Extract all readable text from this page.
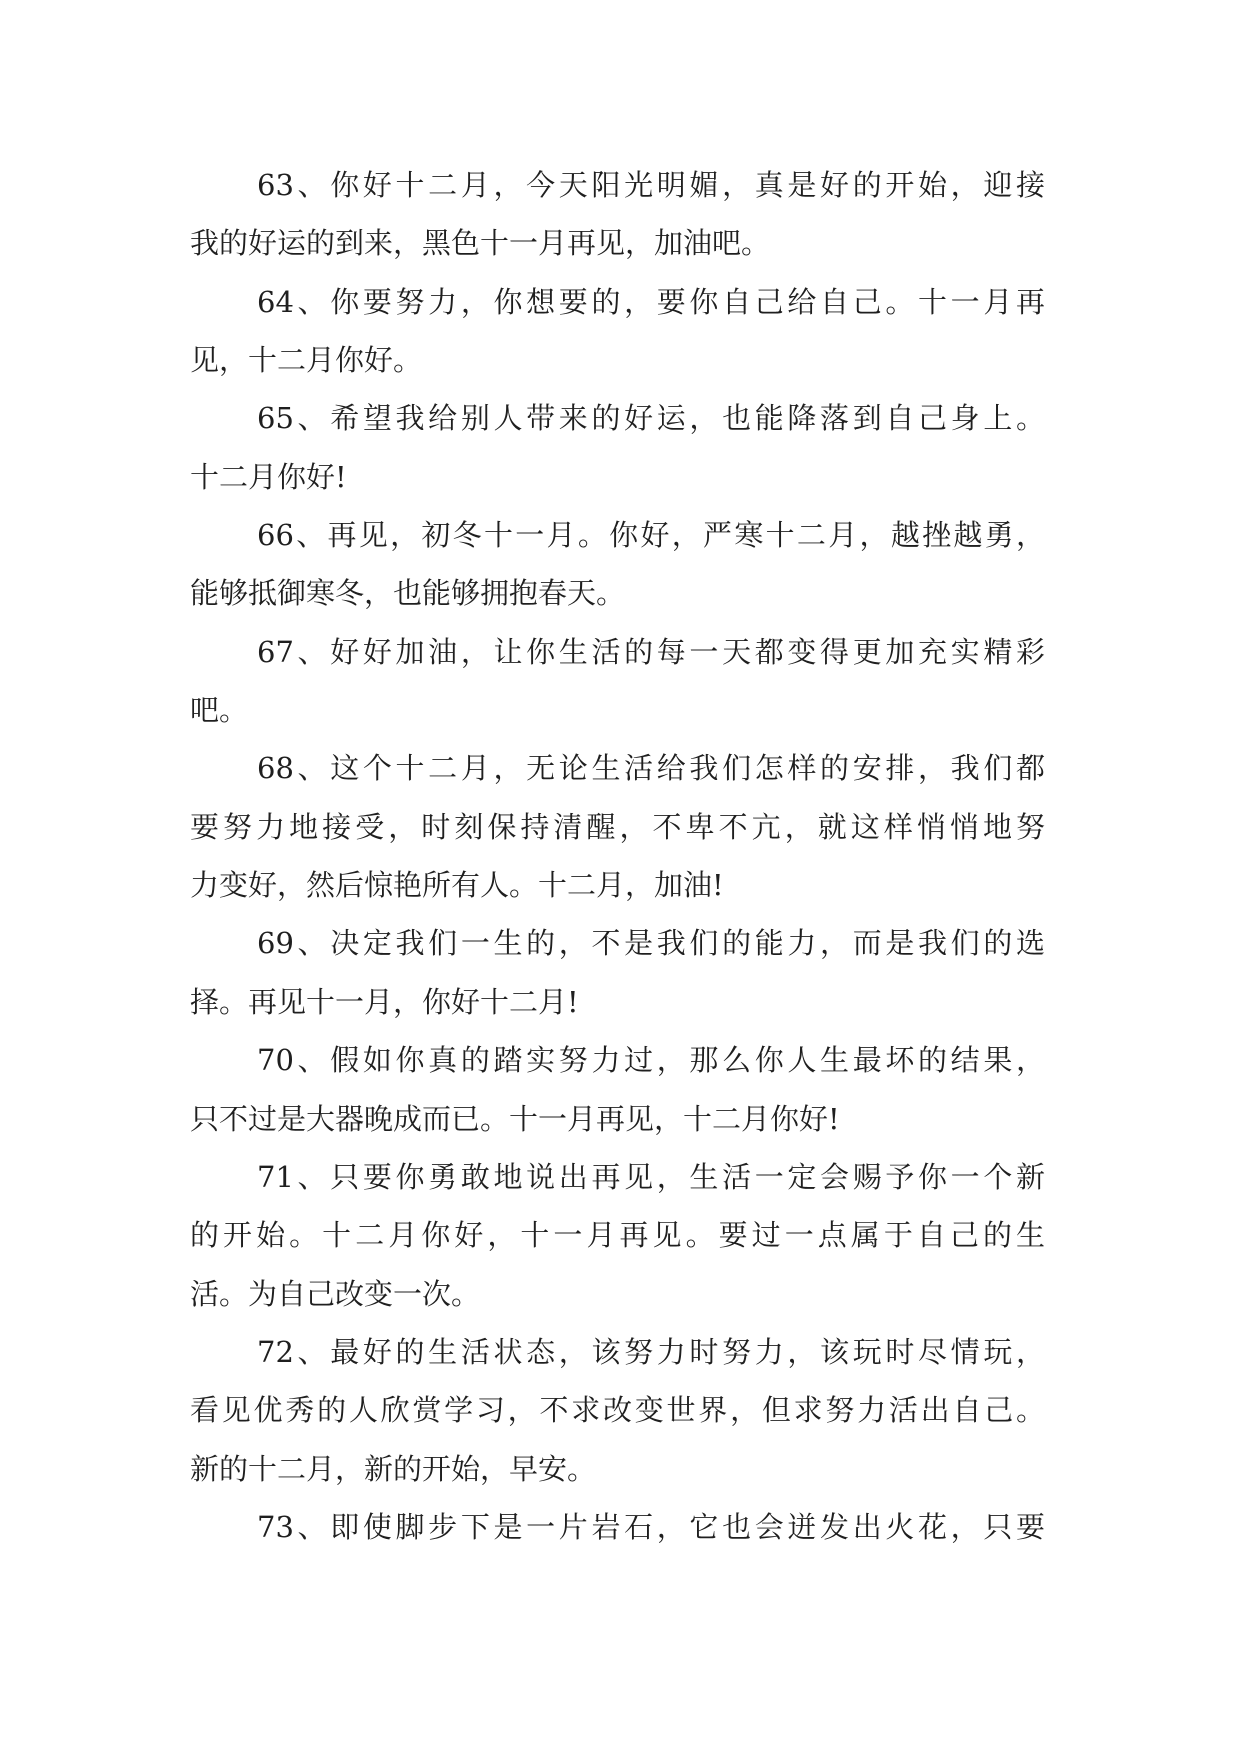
63、你好十二月，今天阳光明媚，真是好的开始，迎接
我的好运的到来，黑色十一月再见，加油吧。
64、你要努力，你想要的，要你自己给自己。十一月再
见，十二月你好。
65、希望我给别人带来的好运，也能降落到自己身上。
十二月你好!
66、再见，初冬十一月。你好，严寒十二月，越挫越勇，
能够抵御寒冬，也能够拥抱春天。
67、好好加油，让你生活的每一天都变得更加充实精彩
吧。
68、这个十二月，无论生活给我们怎样的安排，我们都
要努力地接受，时刻保持清醒，不卑不亢，就这样悄悄地努
力变好，然后惊艳所有人。十二月，加油!
69、决定我们一生的，不是我们的能力，而是我们的选
择。再见十一月，你好十二月!
70、假如你真的踏实努力过，那么你人生最坏的结果，
只不过是大器晚成而已。十一月再见，十二月你好!
71、只要你勇敢地说出再见，生活一定会赐予你一个新
的开始。十二月你好，十一月再见。要过一点属于自己的生
活。为自己改变一次。
72、最好的生活状态，该努力时努力，该玩时尽情玩，
看见优秀的人欣赏学习，不求改变世界，但求努力活出自己。
新的十二月，新的开始，早安。
73、即使脚步下是一片岩石，它也会迸发出火花，只要
